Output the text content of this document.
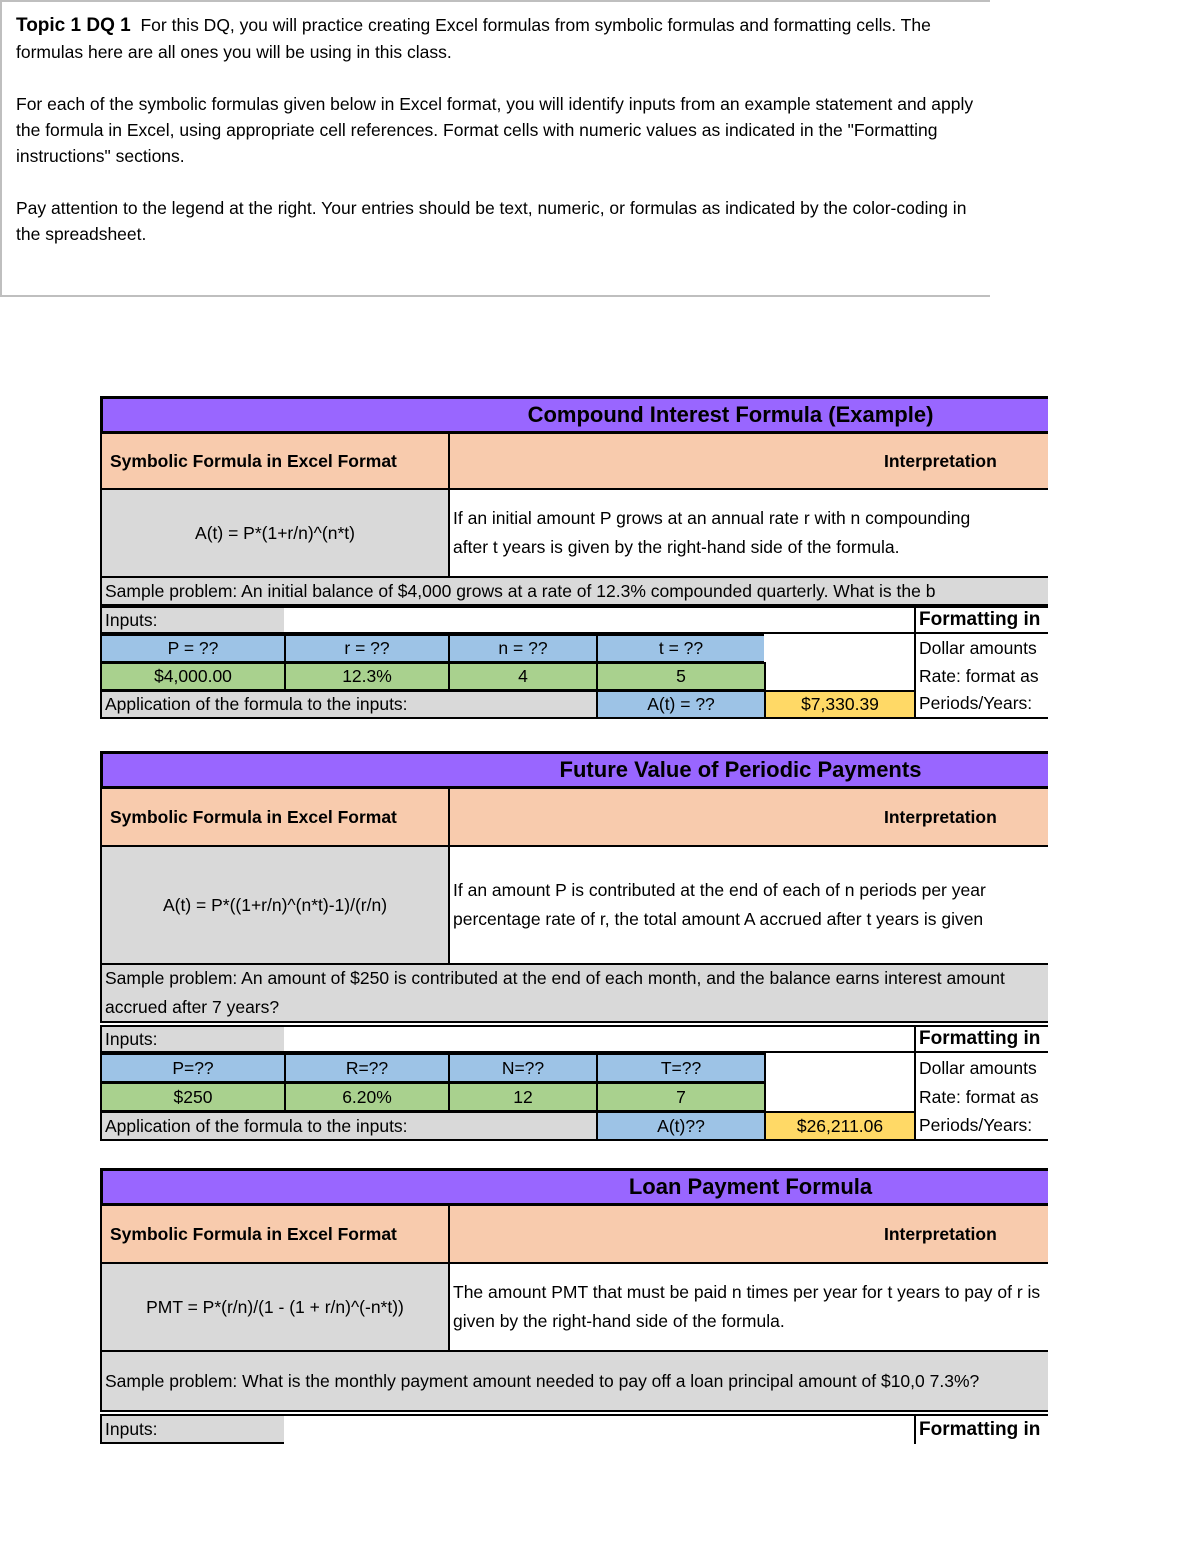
Topic 1 DQ 1 For this DQ, you will practice creating Excel formulas from symbolic formulas and formatting cells. The formulas here are all ones you will be using in this class.

For each of the symbolic formulas given below in Excel format, you will identify inputs from an example statement and apply the formula in Excel, using appropriate cell references. Format cells with numeric values as indicated in the "Formatting instructions" sections.

Pay attention to the legend at the right. Your entries should be text, numeric, or formulas as indicated by the color-coding in the spreadsheet.

Compound Interest Formula (Example)
Symbolic Formula in Excel Format	Interpretation
A(t) = P*(1+r/n)^(n*t)
If an initial amount P grows at an annual rate r with n compounding after t years is given by the right-hand side of the formula.
Sample problem: An initial balance of $4,000 grows at a rate of 12.3% compounded quarterly. What is the b
Inputs:	Formatting in
P = ??	r = ??	n = ??	t = ??	Dollar amounts
$4,000.00	12.3%	4	5	Rate: format as
Application of the formula to the inputs:	A(t) = ??	$7,330.39	Periods/Years:
Future Value of Periodic Payments
Symbolic Formula in Excel Format	Interpretation
A(t) = P*((1+r/n)^(n*t)-1)/(r/n)
If an amount P is contributed at the end of each of n periods per year percentage rate of r, the total amount A accrued after t years is given
Sample problem: An amount of $250 is contributed at the end of each month, and the balance earns interest amount accrued after 7 years?
Inputs:	Formatting in
P=??	R=??	N=??	T=??	Dollar amounts
$250	6.20%	12	7	Rate: format as
Application of the formula to the inputs:	A(t)??	$26,211.06	Periods/Years:
Loan Payment Formula
Symbolic Formula in Excel Format	Interpretation
PMT = P*(r/n)/(1 - (1 + r/n)^(-n*t))
The amount PMT that must be paid n times per year for t years to pay of r is given by the right-hand side of the formula.
Sample problem: What is the monthly payment amount needed to pay off a loan principal amount of $10,0 7.3%?
Inputs:	Formatting in
